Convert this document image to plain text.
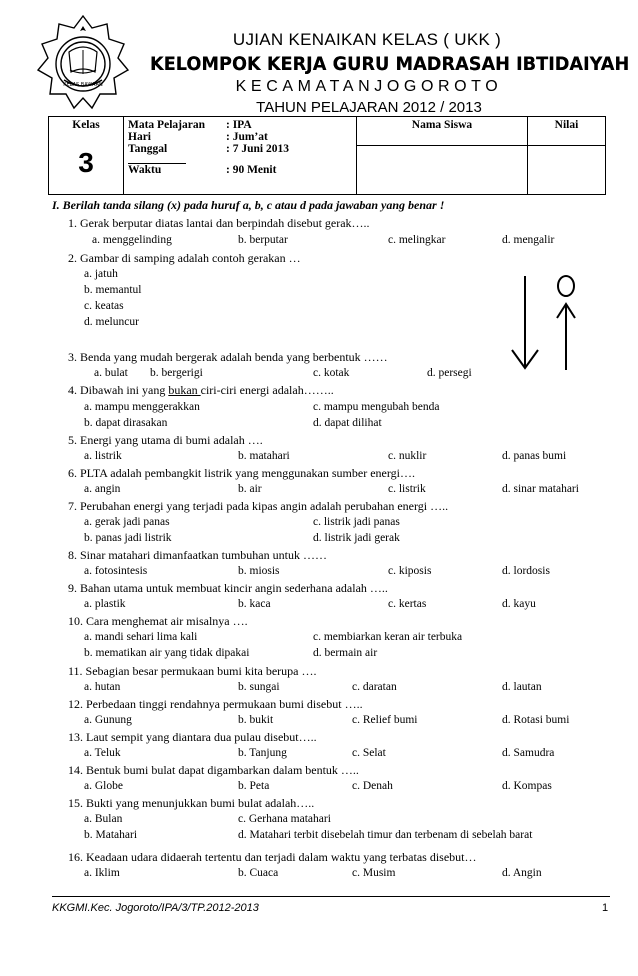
KELAS BAWAAN
UJIAN KENAIKAN KELAS ( UKK )
KELOMPOK KERJA GURU MADRASAH IBTIDAIYAH
KECAMATANJOGOROTO
TAHUN PELAJARAN 2012 / 2013
Kelas
3

Mata Pelajaran	: IPA
Hari	: Jum’at
Tanggal	: 7 Juni 2013
Waktu	: 90 Menit

Nama Siswa	Nilai
I. Berilah tanda silang (x) pada huruf a, b, c atau d pada jawaban yang benar !
1. Gerak berputar diatas lantai dan berpindah disebut gerak…..
a. menggelinding	b. berputar	c. melingkar	d. mengalir
2. Gambar di samping adalah contoh gerakan …
a. jatuh
b. memantul
c. keatas
d. meluncur
3. Benda yang mudah bergerak adalah benda yang berbentuk ……
a. bulat b. bergerigi	c. kotak	d. persegi
4. Dibawah ini yang bukan ciri-ciri energi adalah……..
a. mampu menggerakkan
b. dapat dirasakan
c. mampu mengubah benda
d. dapat dilihat
5. Energi yang utama di bumi adalah ….
a. listrik	b. matahari	c. nuklir	d. panas bumi
6. PLTA adalah pembangkit listrik yang menggunakan sumber energi….
a. angin	b. air	c. listrik	d. sinar matahari
7. Perubahan energi yang terjadi pada kipas angin adalah perubahan energi …..
a. gerak jadi panas
b. panas jadi listrik
c. listrik jadi panas
d. listrik jadi gerak
8. Sinar matahari dimanfaatkan tumbuhan untuk ……
a. fotosintesis	b. miosis	c. kiposis	d. lordosis
9. Bahan utama untuk membuat kincir angin sederhana adalah …..
a. plastik	b. kaca	c. kertas	d. kayu
10. Cara menghemat air misalnya ….
a. mandi sehari lima kali
b. mematikan air yang tidak dipakai
c. membiarkan keran air terbuka
d. bermain air
11. Sebagian besar permukaan bumi kita berupa ….
a. hutan	b. sungai	c. daratan	d. lautan
12. Perbedaan tinggi rendahnya permukaan bumi disebut …..
a. Gunung	b. bukit	c. Relief bumi	d. Rotasi bumi
13. Laut sempit yang diantara dua pulau disebut…..
a. Teluk	b. Tanjung	c. Selat	d. Samudra
14. Bentuk bumi bulat dapat digambarkan dalam bentuk …..
a. Globe	b. Peta	c. Denah	d. Kompas
15. Bukti yang menunjukkan bumi bulat adalah…..
a. Bulan
b. Matahari
c. Gerhana matahari
d. Matahari terbit disebelah timur dan terbenam di sebelah barat
16. Keadaan udara didaerah tertentu dan terjadi dalam waktu yang terbatas disebut…
a. Iklim	b. Cuaca	c. Musim	d. Angin
KKGMI.Kec. Jogoroto/IPA/3/TP.2012-2013	1
